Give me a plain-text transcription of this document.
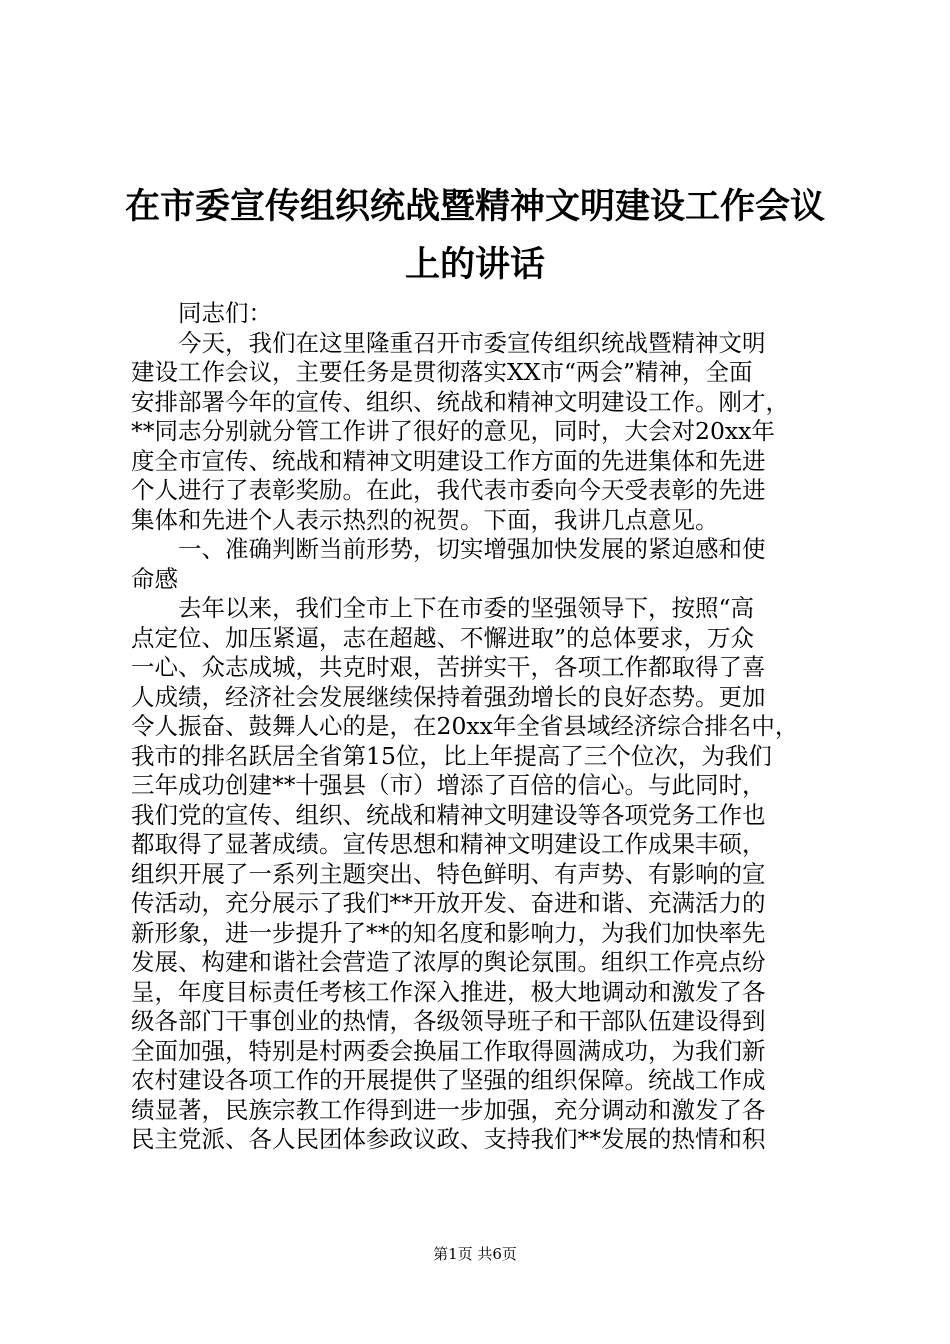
在市委宣传组织统战暨精神文明建设工作会议
上的讲话
同志们：
今天，我们在这里隆重召开市委宣传组织统战暨精神文明
建设工作会议，主要任务是贯彻落实XX市“两会”精神，全面
安排部署今年的宣传、组织、统战和精神文明建设工作。刚才，
**同志分别就分管工作讲了很好的意见，同时，大会对20xx年
度全市宣传、统战和精神文明建设工作方面的先进集体和先进
个人进行了表彰奖励。在此，我代表市委向今天受表彰的先进
集体和先进个人表示热烈的祝贺。下面，我讲几点意见。
一、准确判断当前形势，切实增强加快发展的紧迫感和使
命感
去年以来，我们全市上下在市委的坚强领导下，按照“高
点定位、加压紧逼，志在超越、不懈进取”的总体要求，万众
一心、众志成城，共克时艰，苦拼实干，各项工作都取得了喜
人成绩，经济社会发展继续保持着强劲增长的良好态势。更加
令人振奋、鼓舞人心的是，在20xx年全省县域经济综合排名中，
我市的排名跃居全省第15位，比上年提高了三个位次，为我们
三年成功创建**十强县（市）增添了百倍的信心。与此同时，
我们党的宣传、组织、统战和精神文明建设等各项党务工作也
都取得了显著成绩。宣传思想和精神文明建设工作成果丰硕，
组织开展了一系列主题突出、特色鲜明、有声势、有影响的宣
传活动，充分展示了我们**开放开发、奋进和谐、充满活力的
新形象，进一步提升了**的知名度和影响力，为我们加快率先
发展、构建和谐社会营造了浓厚的舆论氛围。组织工作亮点纷
呈，年度目标责任考核工作深入推进，极大地调动和激发了各
级各部门干事创业的热情，各级领导班子和干部队伍建设得到
全面加强，特别是村两委会换届工作取得圆满成功，为我们新
农村建设各项工作的开展提供了坚强的组织保障。统战工作成
绩显著，民族宗教工作得到进一步加强，充分调动和激发了各
民主党派、各人民团体参政议政、支持我们**发展的热情和积
第1页 共6页
